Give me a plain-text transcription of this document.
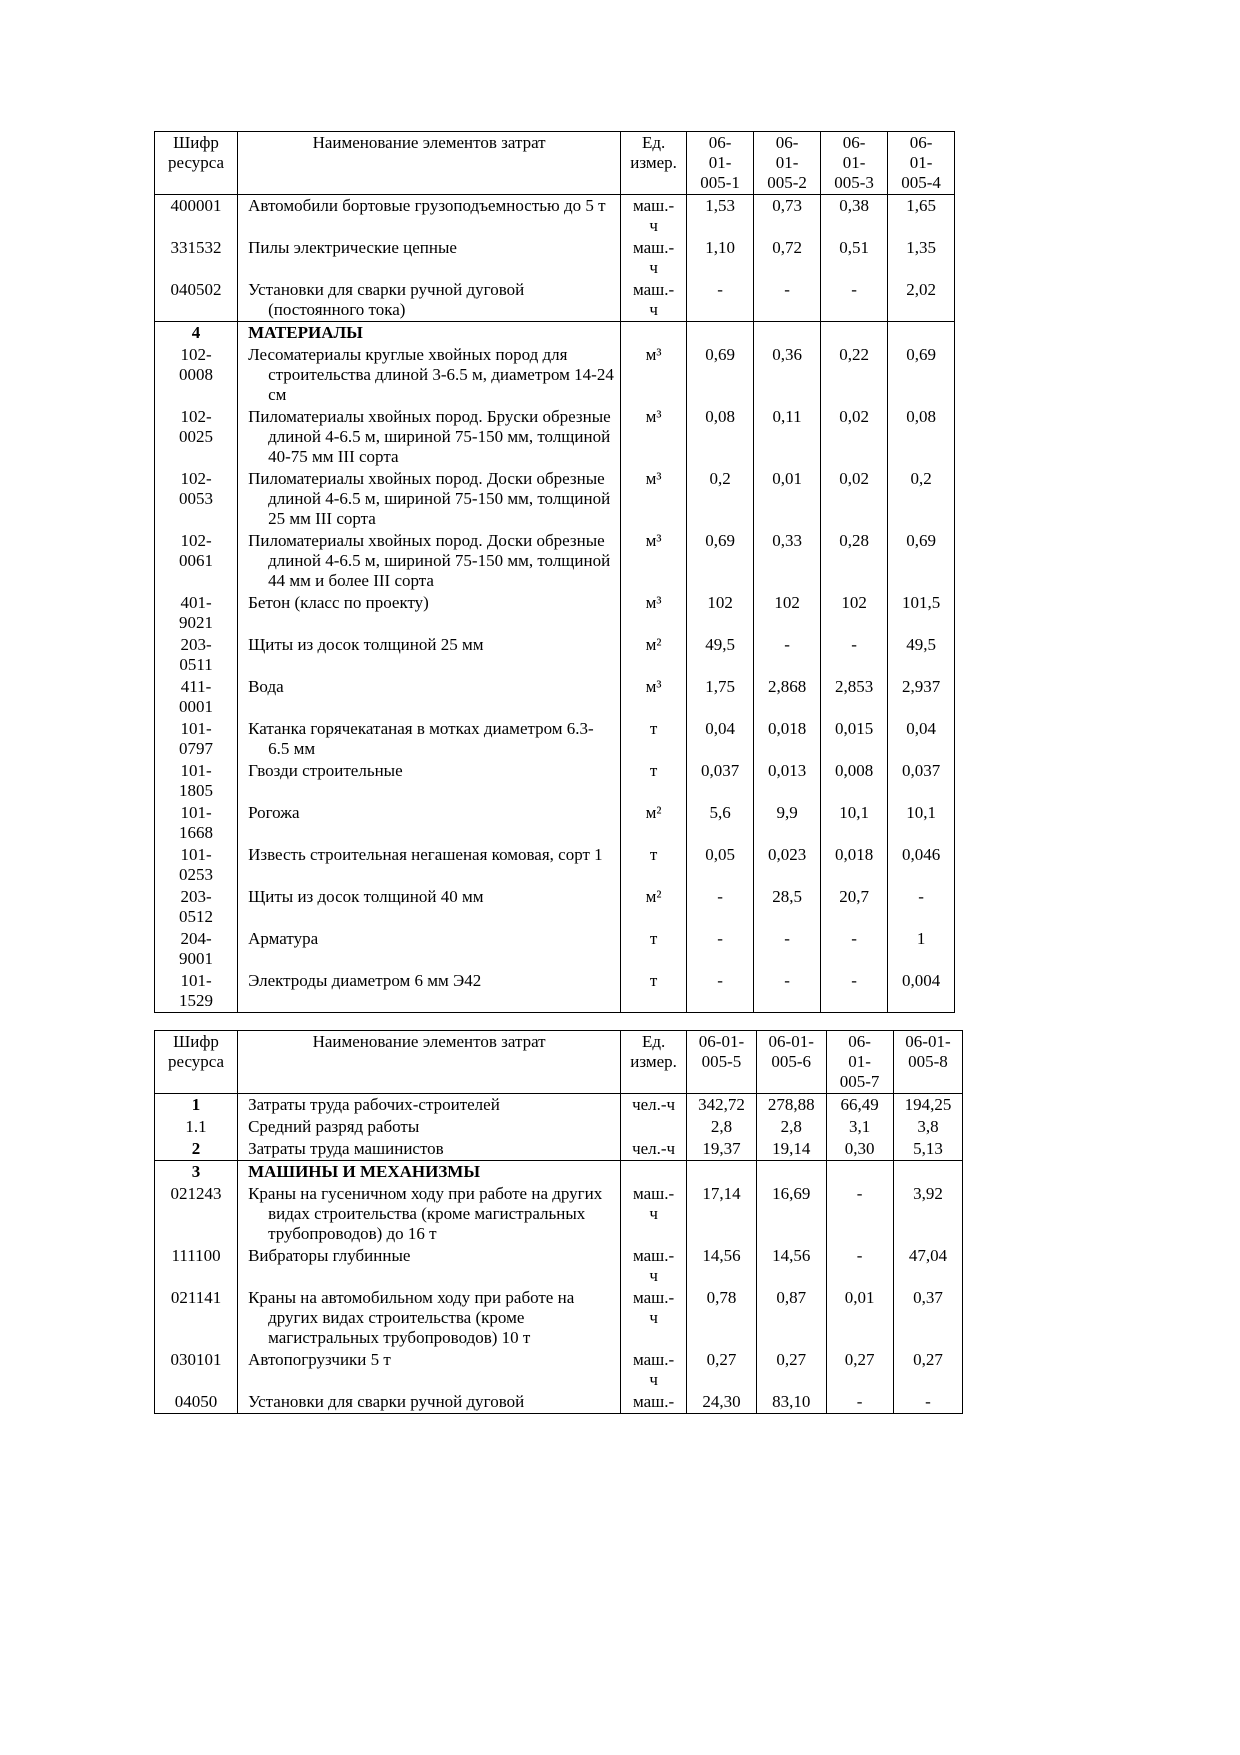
Шифр ресурса	Наименование элементов затрат	Ед. измер.	06-01-005-1	06-01-005-2	06-01-005-3	06-01-005-4
400001	Автомобили бортовые грузоподъемностью до 5 т	маш.-ч	1,53	0,73	0,38	1,65
331532	Пилы электрические цепные	маш.-ч	1,10	0,72	0,51	1,35
040502	Установки для сварки ручной дуговой (постоянного тока)	маш.-ч	-	-	-	2,02
4	МАТЕРИАЛЫ					
102-0008	Лесоматериалы круглые хвойных пород для строительства длиной 3-6.5 м, диаметром 14-24 см	м³	0,69	0,36	0,22	0,69
102-0025	Пиломатериалы хвойных пород. Бруски обрезные длиной 4-6.5 м, шириной 75-150 мм, толщиной 40-75 мм III сорта	м³	0,08	0,11	0,02	0,08
102-0053	Пиломатериалы хвойных пород. Доски обрезные длиной 4-6.5 м, шириной 75-150 мм, толщиной 25 мм III сорта	м³	0,2	0,01	0,02	0,2
102-0061	Пиломатериалы хвойных пород. Доски обрезные длиной 4-6.5 м, шириной 75-150 мм, толщиной 44 мм и более III сорта	м³	0,69	0,33	0,28	0,69
401-9021	Бетон (класс по проекту)	м³	102	102	102	101,5
203-0511	Щиты из досок толщиной 25 мм	м²	49,5	-	-	49,5
411-0001	Вода	м³	1,75	2,868	2,853	2,937
101-0797	Катанка горячекатаная в мотках диаметром 6.3-6.5 мм	т	0,04	0,018	0,015	0,04
101-1805	Гвозди строительные	т	0,037	0,013	0,008	0,037
101-1668	Рогожа	м²	5,6	9,9	10,1	10,1
101-0253	Известь строительная негашеная комовая, сорт 1	т	0,05	0,023	0,018	0,046
203-0512	Щиты из досок толщиной 40 мм	м²	-	28,5	20,7	-
204-9001	Арматура	т	-	-	-	1
101-1529	Электроды диаметром 6 мм Э42	т	-	-	-	0,004
Шифр ресурса	Наименование элементов затрат	Ед. измер.	06-01-005-5	06-01-005-6	06-01-005-7	06-01-005-8
1	Затраты труда рабочих-строителей	чел.-ч	342,72	278,88	66,49	194,25
1.1	Средний разряд работы		2,8	2,8	3,1	3,8
2	Затраты труда машинистов	чел.-ч	19,37	19,14	0,30	5,13
3	МАШИНЫ И МЕХАНИЗМЫ					
021243	Краны на гусеничном ходу при работе на других видах строительства (кроме магистральных трубопроводов) до 16 т	маш.-ч	17,14	16,69	-	3,92
111100	Вибраторы глубинные	маш.-ч	14,56	14,56	-	47,04
021141	Краны на автомобильном ходу при работе на других видах строительства (кроме магистральных трубопроводов) 10 т	маш.-ч	0,78	0,87	0,01	0,37
030101	Автопогрузчики 5 т	маш.-ч	0,27	0,27	0,27	0,27
04050	Установки для сварки ручной дуговой	маш.-	24,30	83,10	-	-
